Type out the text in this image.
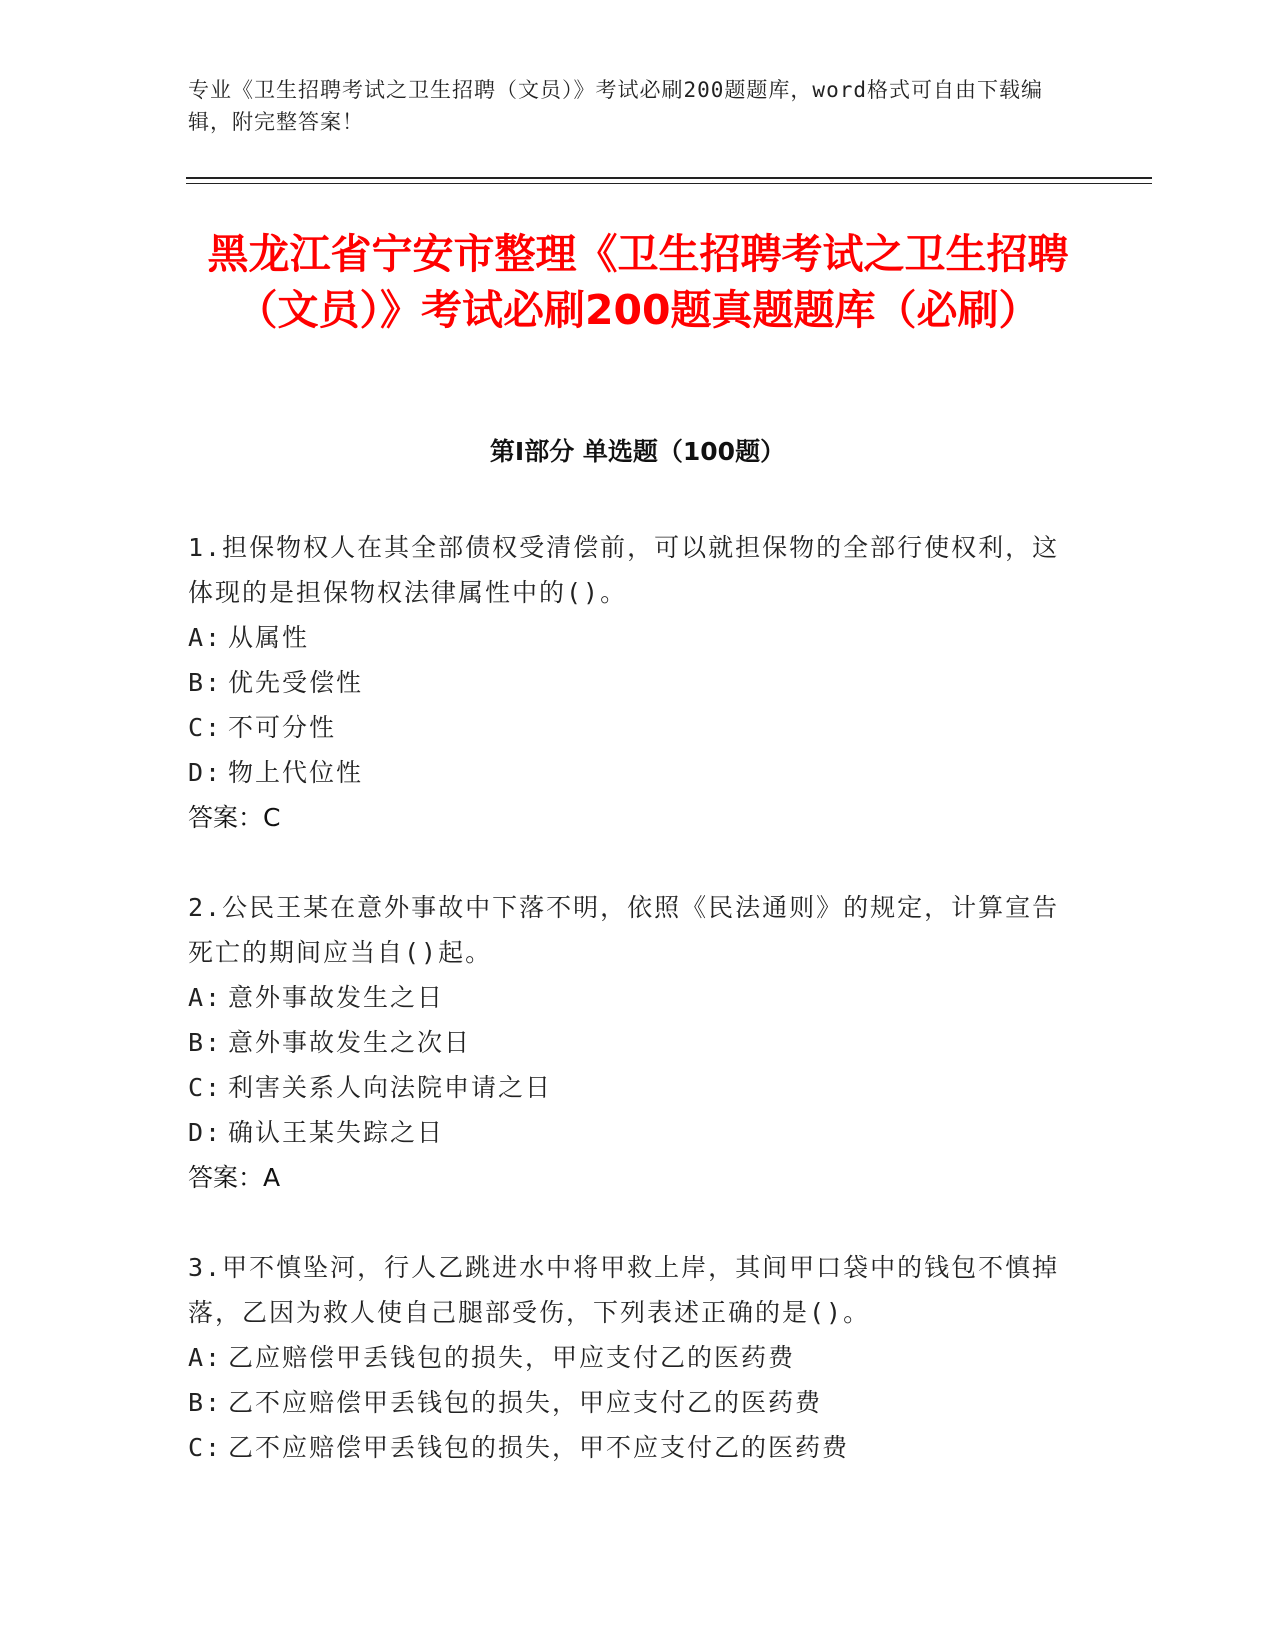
专业《卫生招聘考试之卫生招聘（文员）》考试必刷200题题库，word格式可自由下载编辑，附完整答案！
黑龙江省宁安市整理《卫生招聘考试之卫生招聘（文员）》考试必刷200题真题题库（必刷）
第Ⅰ部分 单选题（100题）

1.担保物权人在其全部债权受清偿前，可以就担保物的全部行使权利，这体现的是担保物权法律属性中的()。

A: 从属性

B: 优先受偿性

C: 不可分性

D: 物上代位性

答案：C

2.公民王某在意外事故中下落不明，依照《民法通则》的规定，计算宣告死亡的期间应当自()起。

A: 意外事故发生之日

B: 意外事故发生之次日

C: 利害关系人向法院申请之日

D: 确认王某失踪之日

答案：A

3.甲不慎坠河，行人乙跳进水中将甲救上岸，其间甲口袋中的钱包不慎掉落，乙因为救人使自己腿部受伤，下列表述正确的是()。

A: 乙应赔偿甲丢钱包的损失，甲应支付乙的医药费

B: 乙不应赔偿甲丢钱包的损失，甲应支付乙的医药费

C: 乙不应赔偿甲丢钱包的损失，甲不应支付乙的医药费
